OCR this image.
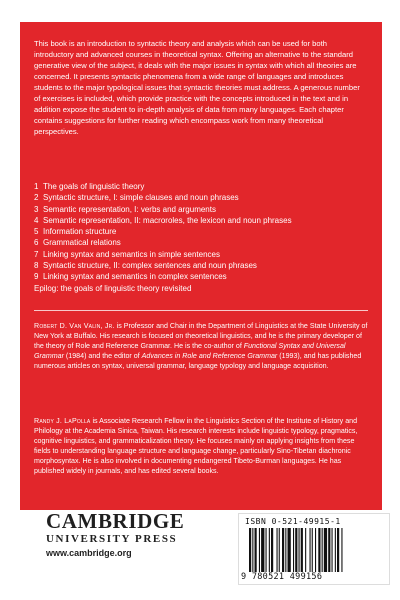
This book is an introduction to syntactic theory and analysis which can be used for both introductory and advanced courses in theoretical syntax. Offering an alternative to the standard generative view of the subject, it deals with the major issues in syntax with which all theories are concerned. It presents syntactic phenomena from a wide range of languages and introduces students to the major typological issues that syntactic theories must address. A generous number of exercises is included, which provide practice with the concepts introduced in the text and in addition expose the student to in-depth analysis of data from many languages. Each chapter contains suggestions for further reading which encompass work from many theoretical perspectives.

1 The goals of linguistic theory
2 Syntactic structure, I: simple clauses and noun phrases
3 Semantic representation, I: verbs and arguments
4 Semantic representation, II: macroroles, the lexicon and noun phrases
5 Information structure
6 Grammatical relations
7 Linking syntax and semantics in simple sentences
8 Syntactic structure, II: complex sentences and noun phrases
9 Linking syntax and semantics in complex sentences
Epilog: the goals of linguistic theory revisited

Robert D. Van Valin, Jr. is Professor and Chair in the Department of Linguistics at the State University of New York at Buffalo. His research is focused on theoretical linguistics, and he is the primary developer of the theory of Role and Reference Grammar. He is the co-author of Functional Syntax and Universal Grammar (1984) and the editor of Advances in Role and Reference Grammar (1993), and has published numerous articles on syntax, universal grammar, language typology and language acquisition.

Randy J. LaPolla is Associate Research Fellow in the Linguistics Section of the Institute of History and Philology at the Academia Sinica, Taiwan. His research interests include linguistic typology, pragmatics, cognitive linguistics, and grammaticalization theory. He focuses mainly on applying insights from these fields to understanding language structure and language change, particularly Sino-Tibetan diachronic morphosyntax. He is also involved in documenting endangered Tibeto-Burman languages. He has published widely in journals, and has edited several books.

CAMBRIDGE
UNIVERSITY PRESS
www.cambridge.org
ISBN 0-521-49915-1
9 780521 499156
